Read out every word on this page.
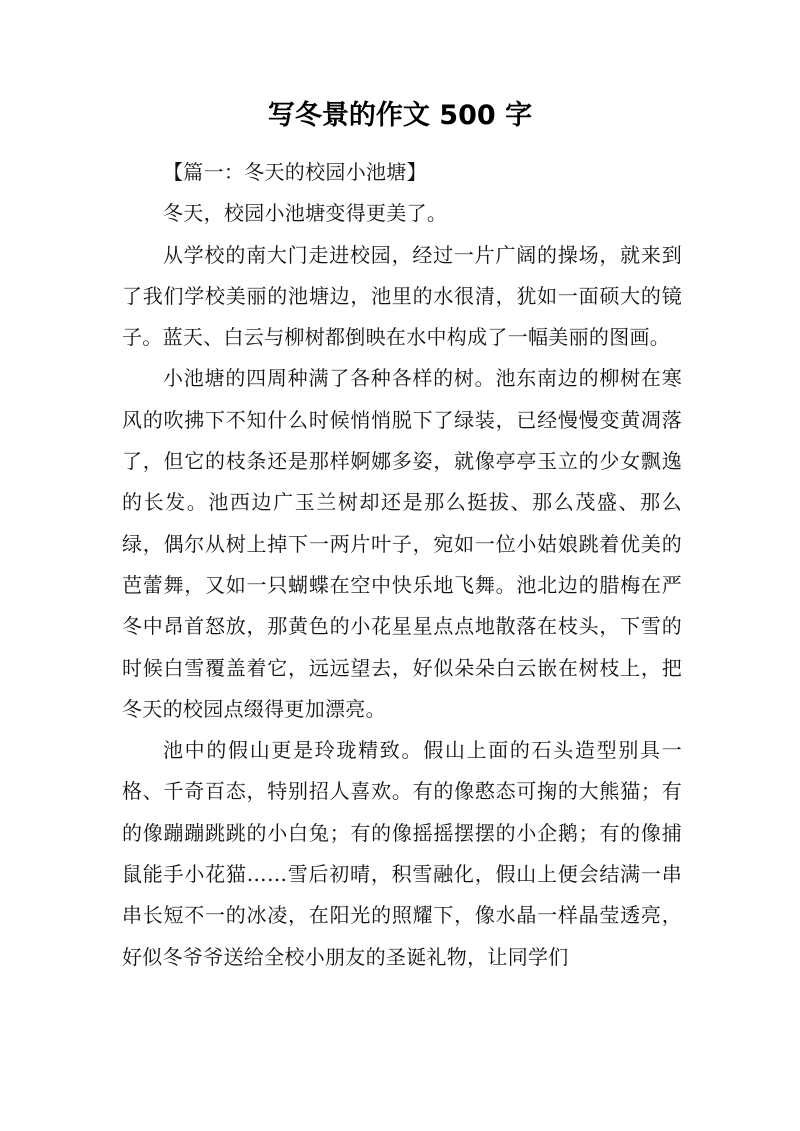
写冬景的作文 500 字

【篇一：冬天的校园小池塘】

冬天，校园小池塘变得更美了。

从学校的南大门走进校园，经过一片广阔的操场，就来到了我们学校美丽的池塘边，池里的水很清，犹如一面硕大的镜子。蓝天、白云与柳树都倒映在水中构成了一幅美丽的图画。

小池塘的四周种满了各种各样的树。池东南边的柳树在寒风的吹拂下不知什么时候悄悄脱下了绿装，已经慢慢变黄凋落了，但它的枝条还是那样婀娜多姿，就像亭亭玉立的少女飘逸的长发。池西边广玉兰树却还是那么挺拔、那么茂盛、那么绿，偶尔从树上掉下一两片叶子，宛如一位小姑娘跳着优美的芭蕾舞，又如一只蝴蝶在空中快乐地飞舞。池北边的腊梅在严冬中昂首怒放，那黄色的小花星星点点地散落在枝头，下雪的时候白雪覆盖着它，远远望去，好似朵朵白云嵌在树枝上，把冬天的校园点缀得更加漂亮。

池中的假山更是玲珑精致。假山上面的石头造型别具一格、千奇百态，特别招人喜欢。有的像憨态可掬的大熊猫；有的像蹦蹦跳跳的小白兔；有的像摇摇摆摆的小企鹅；有的像捕鼠能手小花猫……雪后初晴，积雪融化，假山上便会结满一串串长短不一的冰凌，在阳光的照耀下，像水晶一样晶莹透亮，好似冬爷爷送给全校小朋友的圣诞礼物，让同学们
